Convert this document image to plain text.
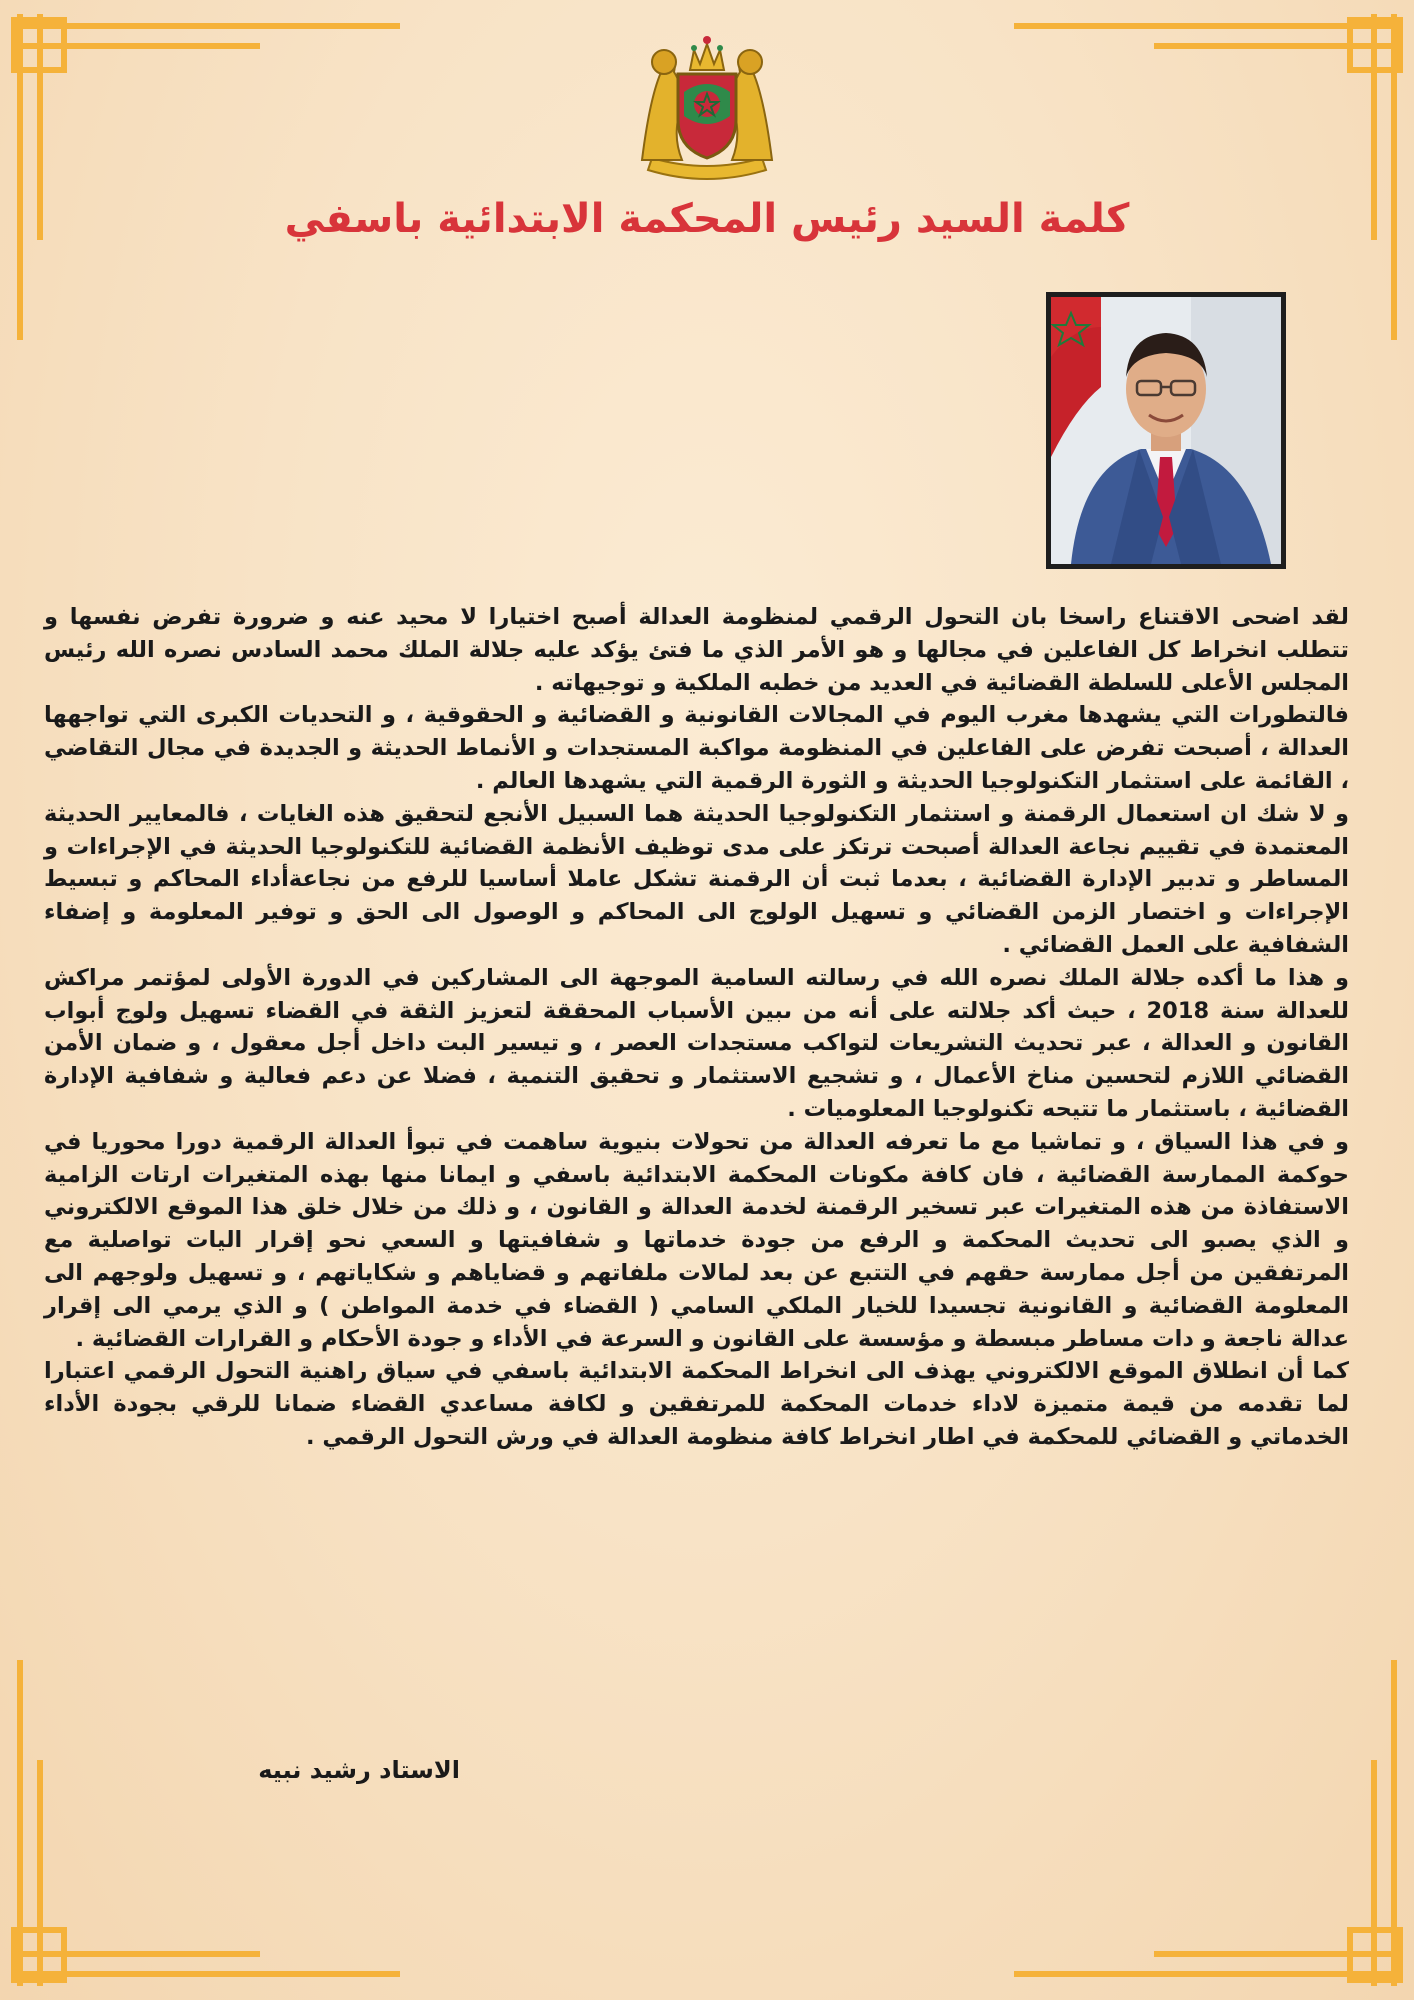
كلمة السيد رئيس المحكمة الابتدائية باسفي

لقد اضحى الاقتناع راسخا بان التحول الرقمي لمنظومة العدالة أصبح اختيارا لا محيد عنه و ضرورة تفرض نفسها و تتطلب انخراط كل الفاعلين في مجالها و هو الأمر الذي ما فتئ يؤكد عليه جلالة الملك محمد السادس نصره الله رئيس المجلس الأعلى للسلطة القضائية في العديد من خطبه الملكية و توجيهاته .

فالتطورات التي يشهدها مغرب اليوم في المجالات القانونية و القضائية و الحقوقية ، و التحديات الكبرى التي تواجهها العدالة ، أصبحت تفرض على الفاعلين في المنظومة مواكبة المستجدات و الأنماط الحديثة و الجديدة في مجال التقاضي ، القائمة على استثمار التكنولوجيا الحديثة و الثورة الرقمية التي يشهدها العالم .

و لا شك ان استعمال الرقمنة و استثمار التكنولوجيا الحديثة هما السبيل الأنجع لتحقيق هذه الغايات ، فالمعايير الحديثة المعتمدة في تقييم نجاعة العدالة أصبحت ترتكز على مدى توظيف الأنظمة القضائية للتكنولوجيا الحديثة في الإجراءات و المساطر و تدبير الإدارة القضائية ، بعدما ثبت أن الرقمنة تشكل عاملا أساسيا للرفع من نجاعةأداء المحاكم و تبسيط الإجراءات و اختصار الزمن القضائي و تسهيل الولوج الى المحاكم و الوصول الى الحق و توفير المعلومة و إضفاء الشفافية على العمل القضائي .

و هذا ما أكده جلالة الملك نصره الله في رسالته السامية الموجهة الى المشاركين في الدورة الأولى لمؤتمر مراكش للعدالة سنة 2018 ، حيث أكد جلالته على أنه من ىبين الأسباب المحققة لتعزيز الثقة في القضاء تسهيل ولوج أبواب القانون و العدالة ، عبر تحديث التشريعات لتواكب مستجدات العصر ، و تيسير البت داخل أجل معقول ، و ضمان الأمن القضائي اللازم لتحسين مناخ الأعمال ، و تشجيع الاستثمار و تحقيق التنمية ، فضلا عن دعم فعالية و شفافية الإدارة القضائية ، باستثمار ما تتيحه تكنولوجيا المعلوميات .

و في هذا السياق ، و تماشيا مع ما تعرفه العدالة من تحولات بنيوية ساهمت في تبوأ العدالة الرقمية دورا محوريا في حوكمة الممارسة القضائية ، فان كافة مكونات المحكمة الابتدائية باسفي و ايمانا منها بهذه المتغيرات ارتات الزامية الاستفاذة من هذه المتغيرات عبر تسخير الرقمنة لخدمة العدالة و القانون ، و ذلك من خلال خلق هذا الموقع الالكتروني و الذي يصبو الى تحديث المحكمة و الرفع من جودة خدماتها و شفافيتها و السعي نحو إقرار اليات تواصلية مع المرتفقين من أجل ممارسة حقهم في التتبع عن بعد لمالات ملفاتهم و قضاياهم و شكاياتهم ، و تسهيل ولوجهم الى المعلومة القضائية و القانونية تجسيدا للخيار الملكي السامي ( القضاء في خدمة المواطن ) و الذي يرمي الى إقرار عدالة ناجعة و دات مساطر مبسطة و مؤسسة على القانون و السرعة في الأداء و جودة الأحكام و القرارات القضائية .

كما أن انطلاق الموقع الالكتروني يهذف الى انخراط المحكمة الابتدائية باسفي في سياق راهنية التحول الرقمي اعتبارا لما تقدمه من قيمة متميزة لاداء خدمات المحكمة للمرتفقين و لكافة مساعدي القضاء ضمانا للرقي بجودة الأداء الخدماتي و القضائي للمحكمة في اطار انخراط كافة منظومة العدالة في ورش التحول الرقمي .

الاستاد رشيد نبيه
